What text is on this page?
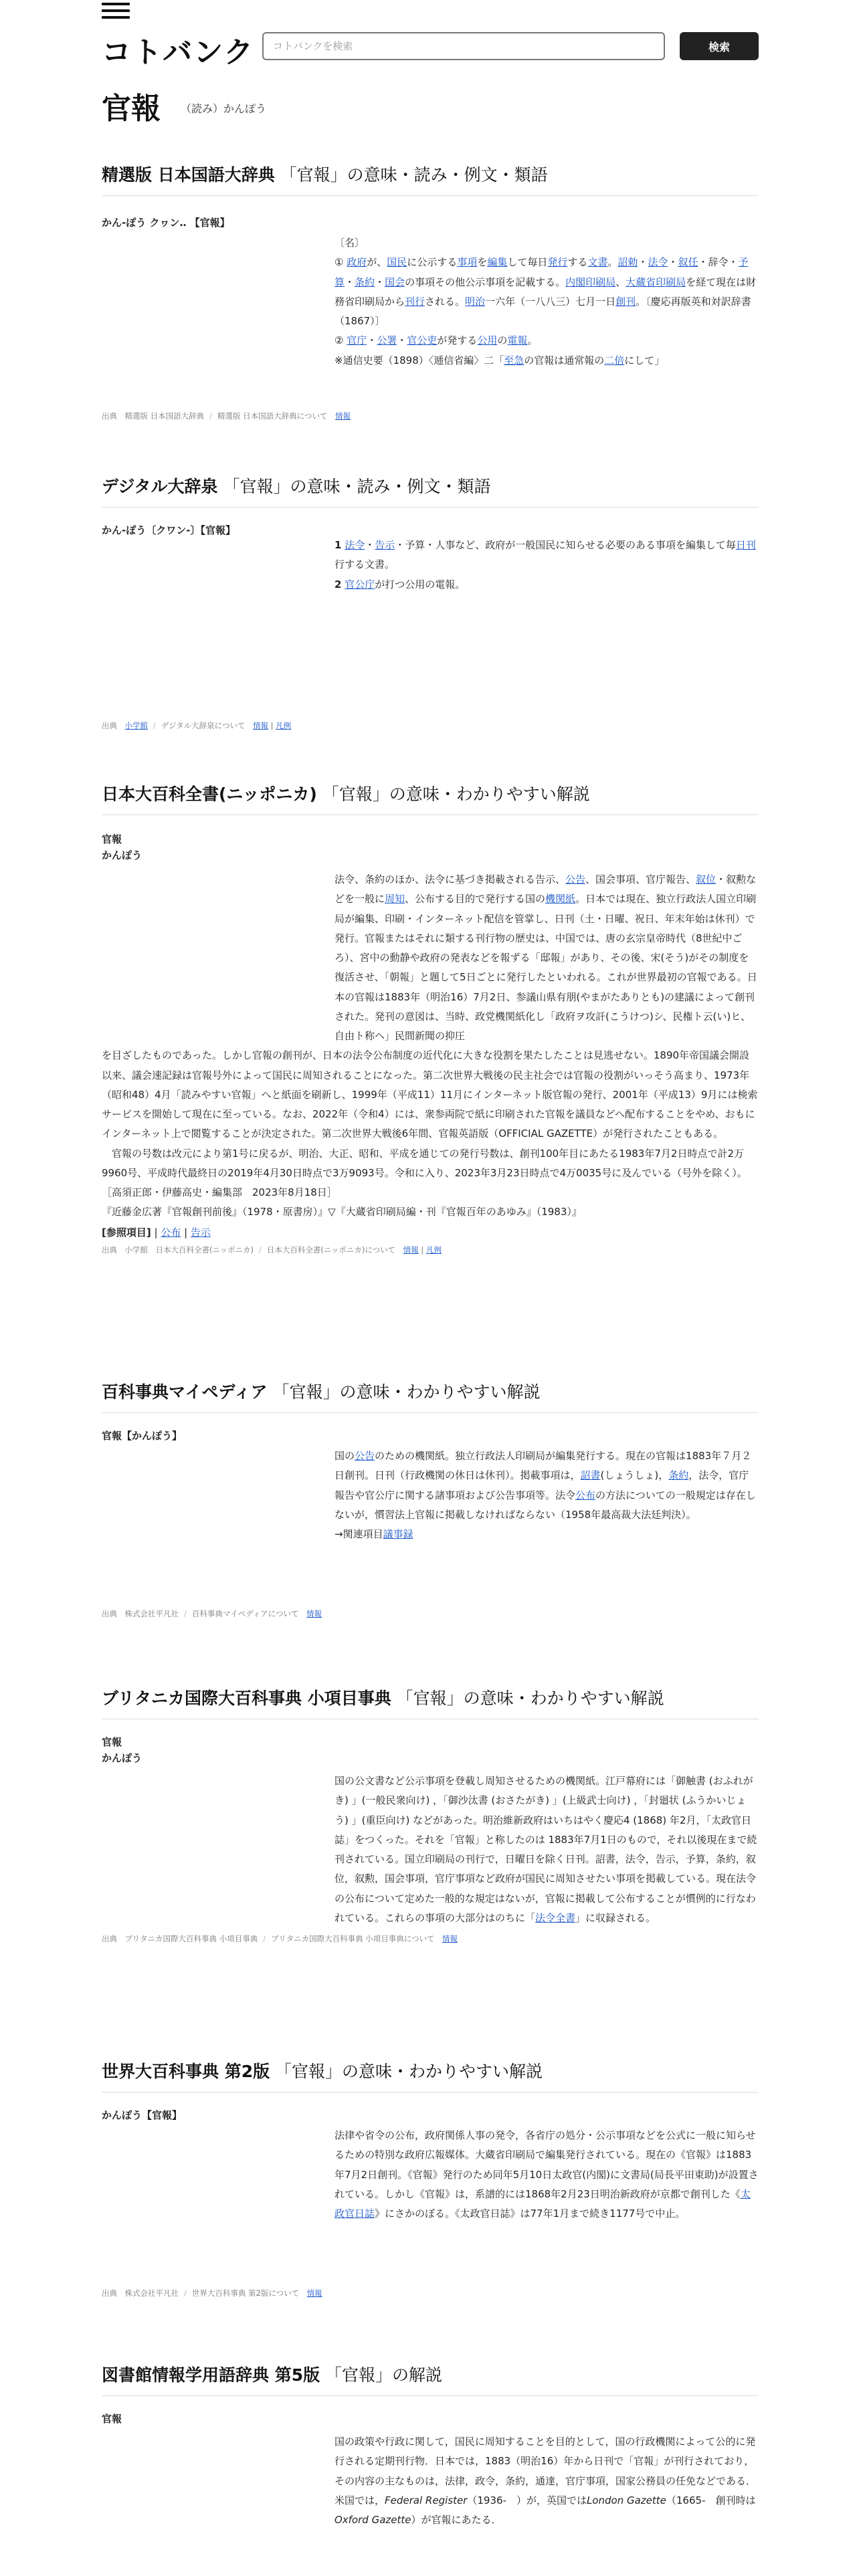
コトバンク
コトバンクを検索	検索
官報 （読み）かんぽう
精選版 日本国語大辞典 「官報」の意味・読み・例文・類語
かん‐ぽう クヮン‥ 【官報】
〔名〕
① 政府が、国民に公示する事項を編集して毎日発行する文書。詔勅・法令・叙任・辞令・予算・条約・国会の事項その他公示事項を記載する。内閣印刷局、大蔵省印刷局を経て現在は財務省印刷局から刊行される。明治一六年（一八八三）七月一日創刊。〔慶応再版英和対訳辞書（1867）〕
② 官庁・公署・官公吏が発する公用の電報。
※通信史要（1898）〈逓信省編〉二「至急の官報は通常報の二倍にして」
出典　 精選版 日本国語大辞典 / 精選版 日本国語大辞典について　 情報
デジタル大辞泉 「官報」の意味・読み・例文・類語
かん‐ぽう〔クワン‐〕【官報】
1 法令・告示・予算・人事など、政府が一般国民に知らせる必要のある事項を編集して毎日刊行する文書。
2 官公庁が打つ公用の電報。
出典　 小学館 / デジタル大辞泉について　 情報 | 凡例
日本大百科全書(ニッポニカ) 「官報」の意味・わかりやすい解説
官報
かんぽう
法令、条約のほか、法令に基づき掲載される告示、公告、国会事項、官庁報告、叙位・叙勲などを一般に周知、公布する目的で発行する国の機関紙。日本では現在、独立行政法人国立印刷局が編集、印刷・インターネット配信を管掌し、日刊（土・日曜、祝日、年末年始は休刊）で発行。官報またはそれに類する刊行物の歴史は、中国では、唐の玄宗皇帝時代（8世紀中ごろ）、宮中の動静や政府の発表などを報ずる「邸報」があり、その後、宋(そう)がその制度を復活させ、「朝報」と題して5日ごとに発行したといわれる。これが世界最初の官報である。日本の官報は1883年（明治16）7月2日、参議山県有朋(やまがたありとも)の建議によって創刊された。発刊の意図は、当時、政党機関紙化し「政府ヲ攻訐(こうけつ)シ、民権ト云(い)ヒ、自由ト称ヘ」民間新聞の抑圧
を目ざしたものであった。しかし官報の創刊が、日本の法令公布制度の近代化に大きな役割を果たしたことは見逃せない。1890年帝国議会開設以来、議会速記録は官報号外によって国民に周知されることになった。第二次世界大戦後の民主社会では官報の役割がいっそう高まり、1973年（昭和48）4月「読みやすい官報」へと紙面を刷新し、1999年（平成11）11月にインターネット版官報の発行、2001年（平成13）9月には検索サービスを開始して現在に至っている。なお、2022年（令和4）には、衆参両院で紙に印刷された官報を議員などへ配布することをやめ、おもにインターネット上で閲覧することが決定された。第二次世界大戦後6年間、官報英語版（OFFICIAL GAZETTE）が発行されたこともある。
　官報の号数は改元により第1号に戻るが、明治、大正、昭和、平成を通じての発行号数は、創刊100年目にあたる1983年7月2日時点で計2万9960号、平成時代最終日の2019年4月30日時点で3万9093号。令和に入り、2023年3月23日時点で4万0035号に及んでいる（号外を除く）。
［高須正郎・伊藤高史・編集部　2023年8月18日］
『近藤金広著『官報創刊前後』（1978・原書房）』▽『大蔵省印刷局編・刊『官報百年のあゆみ』（1983）』
[参照項目] | 公布 | 告示
出典　 小学館　日本大百科全書(ニッポニカ) / 日本大百科全書(ニッポニカ)について　 情報 | 凡例
百科事典マイペディア 「官報」の意味・わかりやすい解説
官報【かんぽう】
国の公告のための機関紙。独立行政法人印刷局が編集発行する。現在の官報は1883年７月２日創刊。日刊（行政機関の休日は休刊）。掲載事項は，詔書(しょうしょ)，条約，法令，官庁報告や官公庁に関する諸事項および公告事項等。法令公布の方法についての一般規定は存在しないが，慣習法上官報に掲載しなければならない（1958年最高裁大法廷判決）。
→関連項目議事録
出典　 株式会社平凡社 / 百科事典マイペディアについて　 情報
ブリタニカ国際大百科事典 小項目事典 「官報」の意味・わかりやすい解説
官報
かんぽう
国の公文書など公示事項を登載し周知させるための機関紙。江戸幕府には「御触書 (おふれがき) 」(一般民衆向け) ，「御沙汰書 (おさたがき) 」(上級武士向け) ，「封廻状 (ふうかいじょう) 」(重臣向け) などがあった。明治維新政府はいちはやく慶応4 (1868) 年2月，「太政官日誌」をつくった。それを「官報」と称したのは 1883年7月1日のもので，それ以後現在まで続刊されている。国立印刷局の刊行で，日曜日を除く日刊。詔書，法令，告示，予算，条約，叙位，叙勲，国会事項，官庁事項など政府が国民に周知させたい事項を掲載している。現在法令の公布について定めた一般的な規定はないが，官報に掲載して公布することが慣例的に行なわれている。これらの事項の大部分はのちに「法令全書」に収録される。
出典　 ブリタニカ国際大百科事典 小項目事典 / ブリタニカ国際大百科事典 小項目事典について　 情報
世界大百科事典 第2版 「官報」の意味・わかりやすい解説
かんぽう【官報】
法律や省令の公布，政府関係人事の発令，各省庁の処分・公示事項などを公式に一般に知らせるための特別な政府広報媒体。大蔵省印刷局で編集発行されている。現在の《官報》は1883年7月2日創刊。《官報》発行のため同年5月10日太政官(内閣)に文書局(局長平田東助)が設置されている。しかし《官報》は，系譜的には1868年2月23日明治新政府が京都で創刊した《太政官日誌》にさかのぼる。《太政官日誌》は77年1月まで続き1177号で中止。
出典　 株式会社平凡社 / 世界大百科事典 第2版について　 情報
図書館情報学用語辞典 第5版 「官報」の解説
官報
国の政策や行政に関して，国民に周知することを目的として，国の行政機関によって公的に発行される定期刊行物．日本では，1883（明治16）年から日刊で「官報」が刊行されており，その内容の主なものは，法律，政令，条約，通達，官庁事項，国家公務員の任免などである．米国では，Federal Register（1936-　）が，英国ではLondon Gazette（1665-　創刊時はOxford Gazette）が官報にあたる．
